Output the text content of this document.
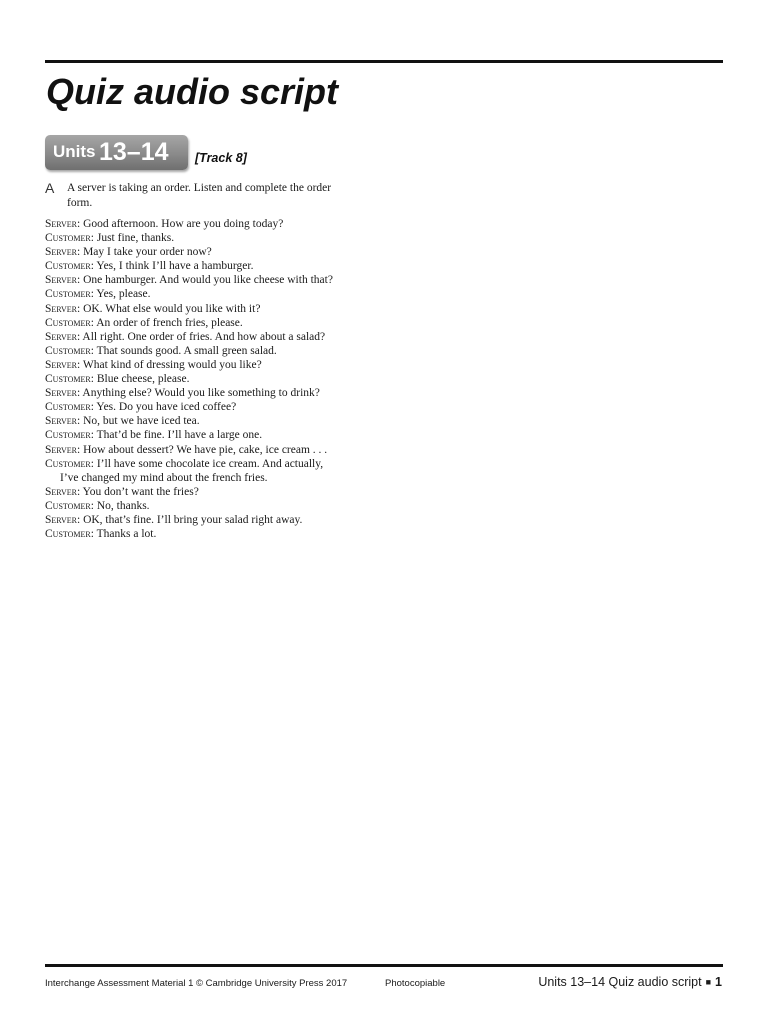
Quiz audio script
Units 13–14 [Track 8]
A A server is taking an order. Listen and complete the order form.
Server: Good afternoon. How are you doing today?
Customer: Just fine, thanks.
Server: May I take your order now?
Customer: Yes, I think I’ll have a hamburger.
Server: One hamburger. And would you like cheese with that?
Customer: Yes, please.
Server: OK. What else would you like with it?
Customer: An order of french fries, please.
Server: All right. One order of fries. And how about a salad?
Customer: That sounds good. A small green salad.
Server: What kind of dressing would you like?
Customer: Blue cheese, please.
Server: Anything else? Would you like something to drink?
Customer: Yes. Do you have iced coffee?
Server: No, but we have iced tea.
Customer: That’d be fine. I’ll have a large one.
Server: How about dessert? We have pie, cake, ice cream . . .
Customer: I’ll have some chocolate ice cream. And actually,
I’ve changed my mind about the french fries.
Server: You don’t want the fries?
Customer: No, thanks.
Server: OK, that’s fine. I’ll bring your salad right away.
Customer: Thanks a lot.
Interchange Assessment Material 1 © Cambridge University Press 2017	Photocopiable	Units 13–14 Quiz audio script ■ 1
